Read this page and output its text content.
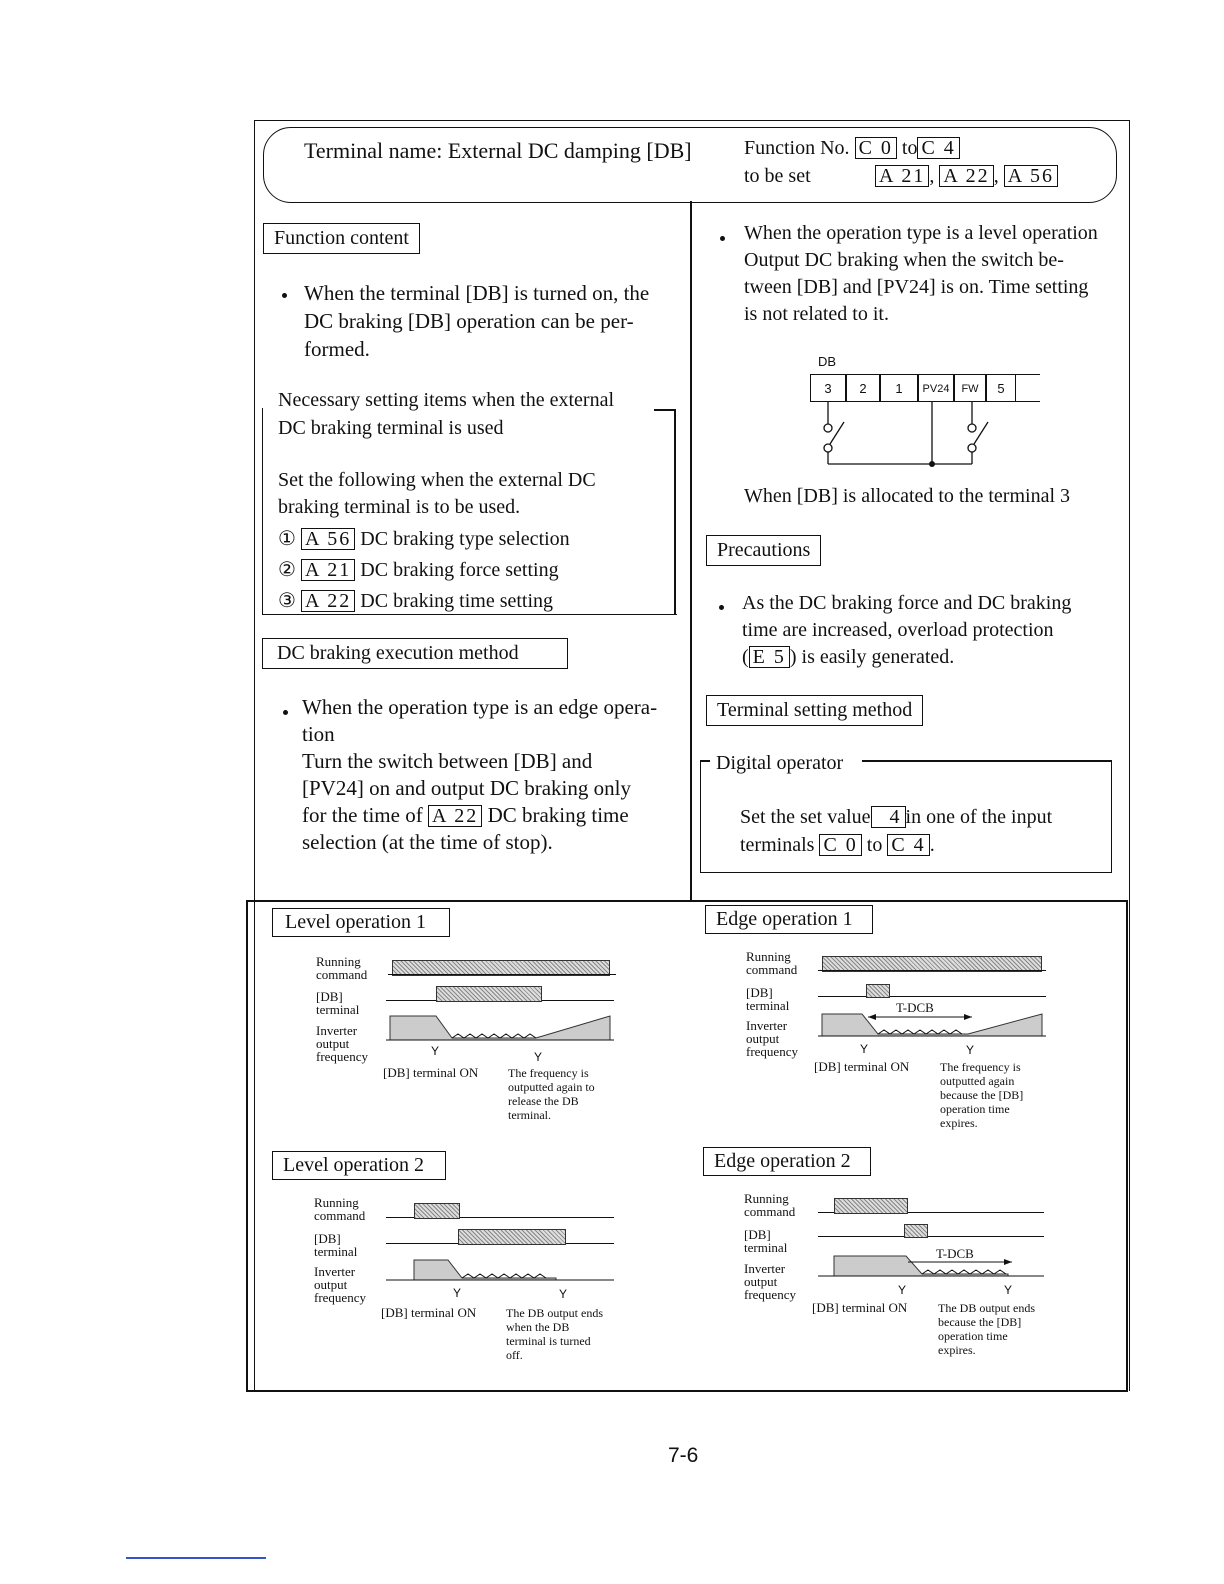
Terminal name: External DC damping [DB]	Function No. C 0 to C 4
to be set	A 21 , A 22 , A 56
Function content
When the terminal [DB] is turned on, the
DC braking [DB] operation can be per-
formed.
Necessary setting items when the external
DC braking terminal is used
Set the following when the external DC
braking terminal is to be used.
① A 56 DC braking type selection
② A 21 DC braking force setting
③ A 22 DC braking time setting
DC braking execution method
When the operation type is an edge opera-
tion
Turn the switch between [DB] and
[PV24] on and output DC braking only
for the time of A 22 DC braking time
selection (at the time of stop).
When the operation type is a level operation
Output DC braking when the switch be-
tween [DB] and [PV24] is on. Time setting
is not related to it.
DB
3	2	1	PV24	FW	5
When [DB] is allocated to the terminal 3
Precautions
As the DC braking force and DC braking
time are increased, overload protection
( E 5 ) is easily generated.
Terminal setting method
Digital operator
Set the set value 4 in one of the input
terminals C 0 to C 4 .
Level operation 1
Running
command
[DB]
terminal
Inverter
output
frequency	Y	Y
[DB] terminal ON The frequency is
outputted again to
release the DB
terminal.
Level operation 2
Running
command
[DB]
terminal
Inverter
output
frequency	Y	Y
[DB] terminal ON The DB output ends
when the DB
terminal is turned
off.
Edge operation 1
Running
command
[DB]
terminal
Inverter
output
frequency
T-DCB
Y	Y
[DB] terminal ON	The frequency is
outputted again
because the [DB]
operation time
expires.
Edge operation 2
Running
command
[DB]
terminal
Inverter
output
frequency
T-DCB
Y	Y
[DB] terminal ON	The DB output ends
because the [DB]
operation time
expires.
7-6
